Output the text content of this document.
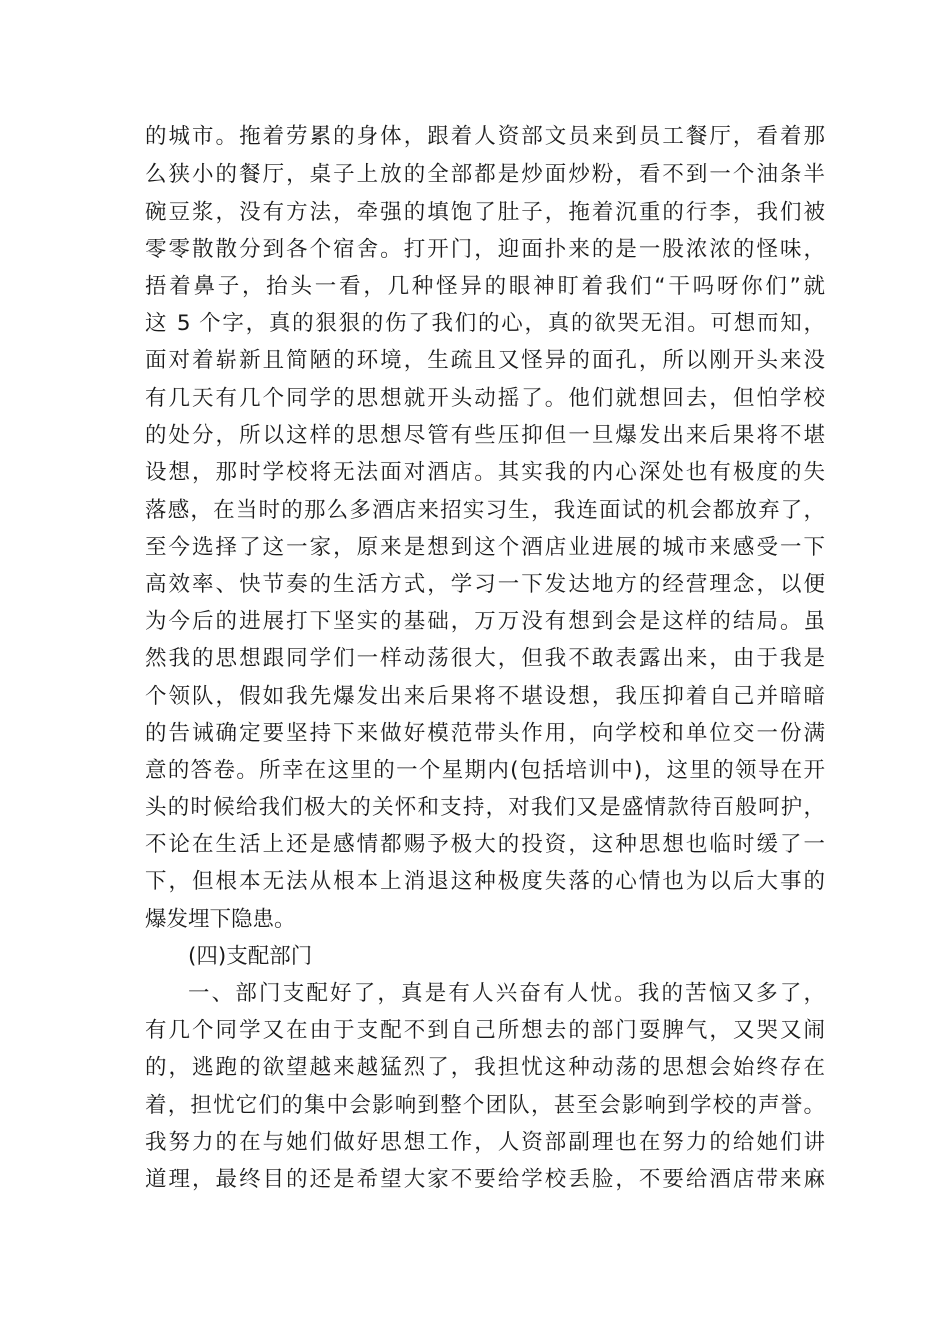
的城市。拖着劳累的身体，跟着人资部文员来到员工餐厅，看着那
么狭小的餐厅，桌子上放的全部都是炒面炒粉，看不到一个油条半
碗豆浆，没有方法，牵强的填饱了肚子，拖着沉重的行李，我们被
零零散散分到各个宿舍。打开门，迎面扑来的是一股浓浓的怪味，
捂着鼻子，抬头一看，几种怪异的眼神盯着我们“干吗呀你们”就
这 5 个字，真的狠狠的伤了我们的心，真的欲哭无泪。可想而知，
面对着崭新且简陋的环境，生疏且又怪异的面孔，所以刚开头来没
有几天有几个同学的思想就开头动摇了。他们就想回去，但怕学校
的处分，所以这样的思想尽管有些压抑但一旦爆发出来后果将不堪
设想，那时学校将无法面对酒店。其实我的内心深处也有极度的失
落感，在当时的那么多酒店来招实习生，我连面试的机会都放弃了，
至今选择了这一家，原来是想到这个酒店业进展的城市来感受一下
高效率、快节奏的生活方式，学习一下发达地方的经营理念，以便
为今后的进展打下坚实的基础，万万没有想到会是这样的结局。虽
然我的思想跟同学们一样动荡很大，但我不敢表露出来，由于我是
个领队，假如我先爆发出来后果将不堪设想，我压抑着自己并暗暗
的告诫确定要坚持下来做好模范带头作用，向学校和单位交一份满
意的答卷。所幸在这里的一个星期内(包括培训中)，这里的领导在开
头的时候给我们极大的关怀和支持，对我们又是盛情款待百般呵护，
不论在生活上还是感情都赐予极大的投资，这种思想也临时缓了一
下，但根本无法从根本上消退这种极度失落的心情也为以后大事的
爆发埋下隐患。
(四)支配部门
一、部门支配好了，真是有人兴奋有人忧。我的苦恼又多了，
有几个同学又在由于支配不到自己所想去的部门耍脾气，又哭又闹
的，逃跑的欲望越来越猛烈了，我担忧这种动荡的思想会始终存在
着，担忧它们的集中会影响到整个团队，甚至会影响到学校的声誉。
我努力的在与她们做好思想工作，人资部副理也在努力的给她们讲
道理，最终目的还是希望大家不要给学校丢脸，不要给酒店带来麻
